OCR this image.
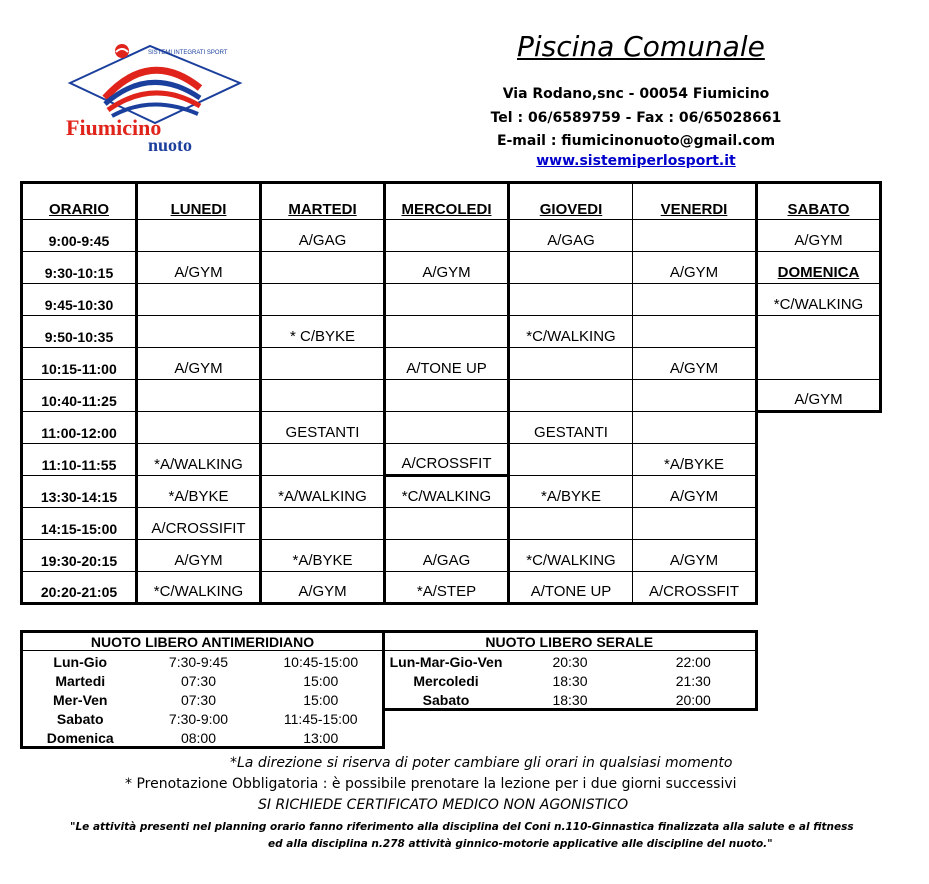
SISTEMI INTEGRATI SPORT
Fiumicino
nuoto
Piscina Comunale
Via Rodano,snc - 00054 Fiumicino
Tel : 06/6589759 - Fax : 06/65028661
E-mail : fiumicinonuoto@gmail.com
www.sistemiperlosport.it
ORARIO	LUNEDI	MARTEDI	MERCOLEDI	GIOVEDI	VENERDI	SABATO
9:00-9:45		A/GAG		A/GAG		A/GYM
9:30-10:15	A/GYM		A/GYM		A/GYM	DOMENICA
9:45-10:30						*C/WALKING
9:50-10:35		* C/BYKE		*C/WALKING		
10:15-11:00	A/GYM		A/TONE UP		A/GYM	
10:40-11:25						A/GYM
11:00-12:00		GESTANTI		GESTANTI		
11:10-11:55	*A/WALKING		A/CROSSFIT		*A/BYKE	
13:30-14:15	*A/BYKE	*A/WALKING	*C/WALKING	*A/BYKE	A/GYM	
14:15-15:00	A/CROSSIFIT					
19:30-20:15	A/GYM	*A/BYKE	A/GAG	*C/WALKING	A/GYM	
20:20-21:05	*C/WALKING	A/GYM	*A/STEP	A/TONE UP	A/CROSSFIT	
NUOTO LIBERO ANTIMERIDIANO		
Lun-Gio	7:30-9:45	10:45-15:00
Martedi	07:30	15:00
Mer-Ven	07:30	15:00
Sabato	7:30-9:00	11:45-15:00
Domenica	08:00	13:00
NUOTO LIBERO SERALE		
Lun-Mar-Gio-Ven	20:30	22:00
Mercoledi	18:30	21:30
Sabato	18:30	20:00
*La direzione si riserva di poter cambiare gli orari in qualsiasi momento
* Prenotazione Obbligatoria : è possibile prenotare la lezione per i due giorni successivi
SI RICHIEDE CERTIFICATO MEDICO NON AGONISTICO
"Le attività presenti nel planning orario fanno riferimento alla disciplina del Coni n.110-Ginnastica finalizzata alla salute e al fitness
ed alla disciplina n.278 attività ginnico-motorie applicative alle discipline del nuoto."
